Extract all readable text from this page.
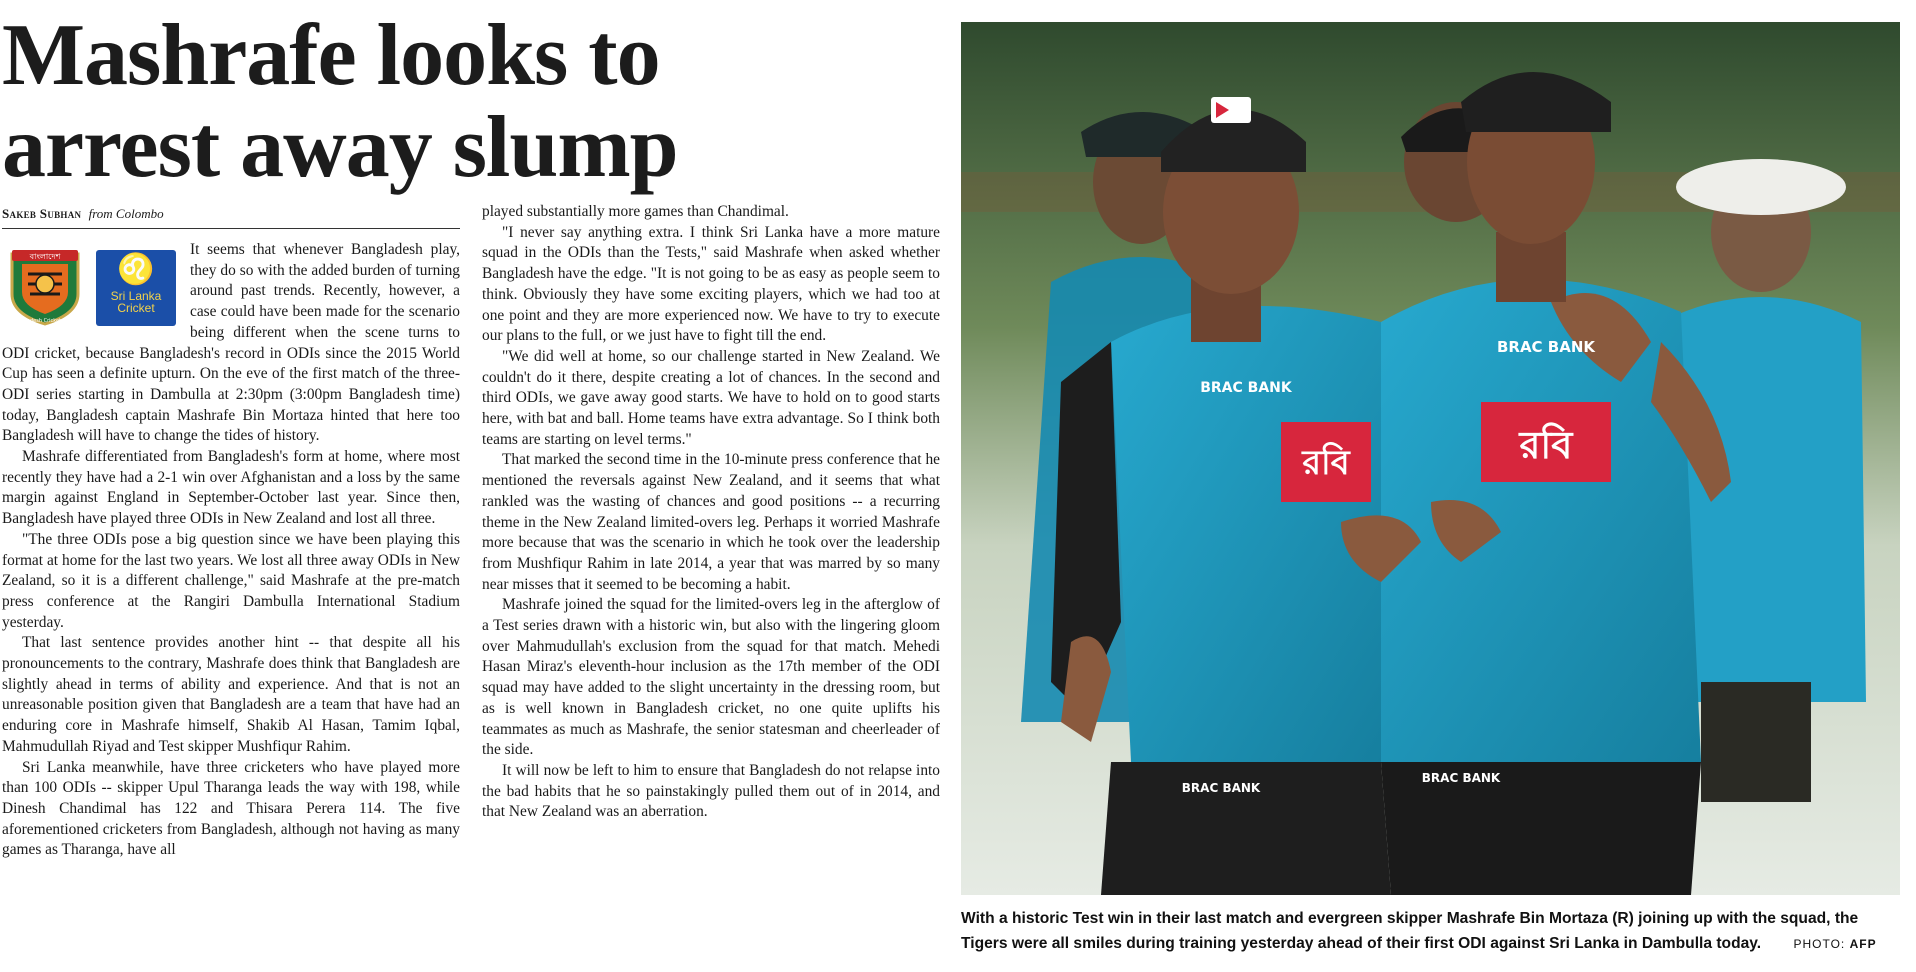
Mashrafe looks to arrest away slump
Sakeb Subhan from Colombo
বাংলাদেশ
Bangladesh Cricket Board
♌
Sri Lanka
Cricket

It seems that whenever Bangladesh play, they do so with the added burden of turning around past trends. Recently, however, a case could have been made for the scenario being different when the scene turns to ODI cricket, because Bangladesh's record in ODIs since the 2015 World Cup has seen a definite upturn. On the eve of the first match of the three-ODI series starting in Dambulla at 2:30pm (3:00pm Bangladesh time) today, Bangladesh captain Mashrafe Bin Mortaza hinted that here too Bangladesh will have to change the tides of history.

Mashrafe differentiated from Bangladesh's form at home, where most recently they have had a 2-1 win over Afghanistan and a loss by the same margin against England in September-October last year. Since then, Bangladesh have played three ODIs in New Zealand and lost all three.

"The three ODIs pose a big question since we have been playing this format at home for the last two years. We lost all three away ODIs in New Zealand, so it is a different challenge," said Mashrafe at the pre-match press conference at the Rangiri Dambulla International Stadium yesterday.

That last sentence provides another hint -- that despite all his pronouncements to the contrary, Mashrafe does think that Bangladesh are slightly ahead in terms of ability and experience. And that is not an unreasonable position given that Bangladesh are a team that have had an enduring core in Mashrafe himself, Shakib Al Hasan, Tamim Iqbal, Mahmudullah Riyad and Test skipper Mushfiqur Rahim.

Sri Lanka meanwhile, have three cricketers who have played more than 100 ODIs -- skipper Upul Tharanga leads the way with 198, while Dinesh Chandimal has 122 and Thisara Perera 114. The five aforementioned cricketers from Bangladesh, although not having as many games as Tharanga, have all

played substantially more games than Chandimal.

"I never say anything extra. I think Sri Lanka have a more mature squad in the ODIs than the Tests," said Mashrafe when asked whether Bangladesh have the edge. "It is not going to be as easy as people seem to think. Obviously they have some exciting players, which we had too at one point and they are more experienced now. We have to try to execute our plans to the full, or we just have to fight till the end.

"We did well at home, so our challenge started in New Zealand. We couldn't do it there, despite creating a lot of chances. In the second and third ODIs, we gave away good starts. We have to hold on to good starts here, with bat and ball. Home teams have extra advantage. So I think both teams are starting on level terms."

That marked the second time in the 10-minute press conference that he mentioned the reversals against New Zealand, and it seems that what rankled was the wasting of chances and good positions -- a recurring theme in the New Zealand limited-overs leg. Perhaps it worried Mashrafe more because that was the scenario in which he took over the leadership from Mushfiqur Rahim in late 2014, a year that was marred by so many near misses that it seemed to be becoming a habit.

Mashrafe joined the squad for the limited-overs leg in the afterglow of a Test series drawn with a historic win, but also with the lingering gloom over Mahmudullah's exclusion from the squad for that match. Mehedi Hasan Miraz's eleventh-hour inclusion as the 17th member of the ODI squad may have added to the slight uncertainty in the dressing room, but as is well known in Bangladesh cricket, no one quite uplifts his teammates as much as Mashrafe, the senior statesman and cheerleader of the side.

It will now be left to him to ensure that Bangladesh do not relapse into the bad habits that he so painstakingly pulled them out of in 2014, and that New Zealand was an aberration.

রবি
BRAC BANK
BRAC BANK
রবি
BRAC BANK
BRAC BANK
With a historic Test win in their last match and evergreen skipper Mashrafe Bin Mortaza (R) joining up with the squad, the Tigers were all smiles during training yesterday ahead of their first ODI against Sri Lanka in Dambulla today.	PHOTO: AFP
